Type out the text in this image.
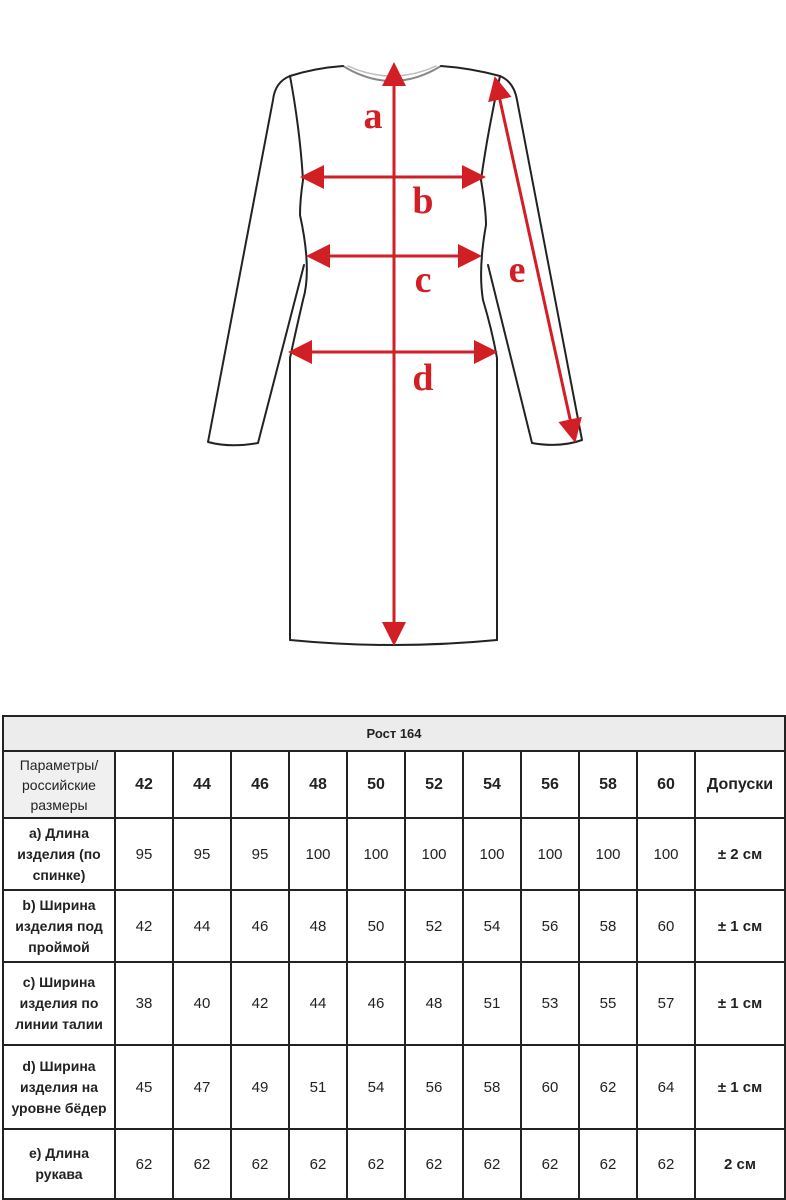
a
b
c
d
e
Рост 164											
Параметры/ российские размеры	42	44	46	48	50	52	54	56	58	60	Допуски
a) Длина изделия (по спинке)	95	95	95	100	100	100	100	100	100	100	± 2 см
b) Ширина изделия под проймой	42	44	46	48	50	52	54	56	58	60	± 1 см
c) Ширина изделия по линии талии	38	40	42	44	46	48	51	53	55	57	± 1 см
d) Ширина изделия на уровне бёдер	45	47	49	51	54	56	58	60	62	64	± 1 см
e) Длина рукава	62	62	62	62	62	62	62	62	62	62	2 см
